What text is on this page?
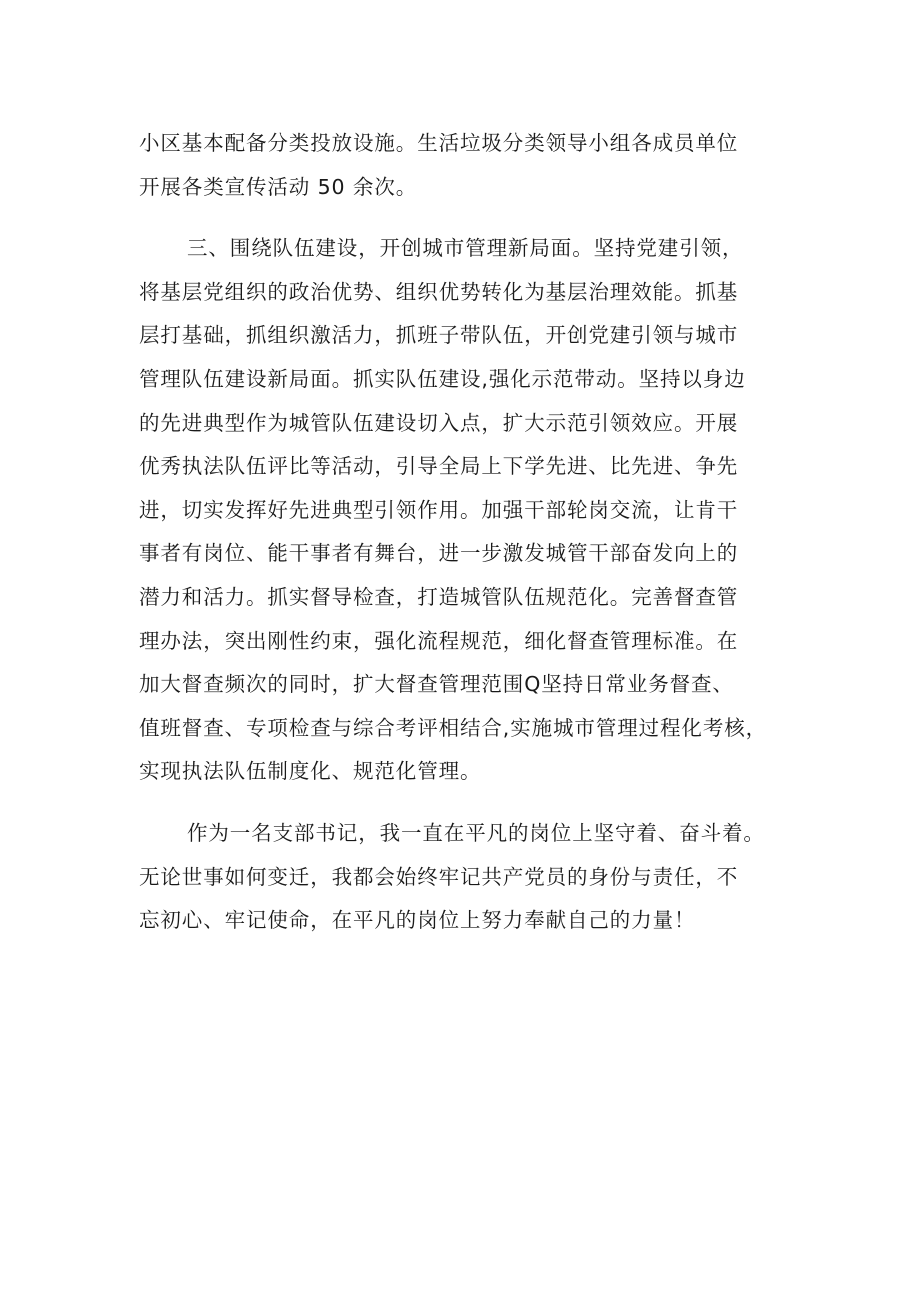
小区基本配备分类投放设施。生活垃圾分类领导小组各成员单位

开展各类宣传活动 50 余次。

三、围绕队伍建设，开创城市管理新局面。坚持党建引领，

将基层党组织的政治优势、组织优势转化为基层治理效能。抓基

层打基础，抓组织激活力，抓班子带队伍，开创党建引领与城市

管理队伍建设新局面。抓实队伍建设,强化示范带动。坚持以身边

的先进典型作为城管队伍建设切入点，扩大示范引领效应。开展

优秀执法队伍评比等活动，引导全局上下学先进、比先进、争先

进，切实发挥好先进典型引领作用。加强干部轮岗交流，让肯干

事者有岗位、能干事者有舞台，进一步激发城管干部奋发向上的

潜力和活力。抓实督导检查，打造城管队伍规范化。完善督查管

理办法，突出刚性约束，强化流程规范，细化督查管理标准。在

加大督查频次的同时，扩大督查管理范围Q坚持日常业务督查、

值班督查、专项检查与综合考评相结合,实施城市管理过程化考核，

实现执法队伍制度化、规范化管理。

作为一名支部书记，我一直在平凡的岗位上坚守着、奋斗着。

无论世事如何变迁，我都会始终牢记共产党员的身份与责任，不

忘初心、牢记使命，在平凡的岗位上努力奉献自己的力量！
